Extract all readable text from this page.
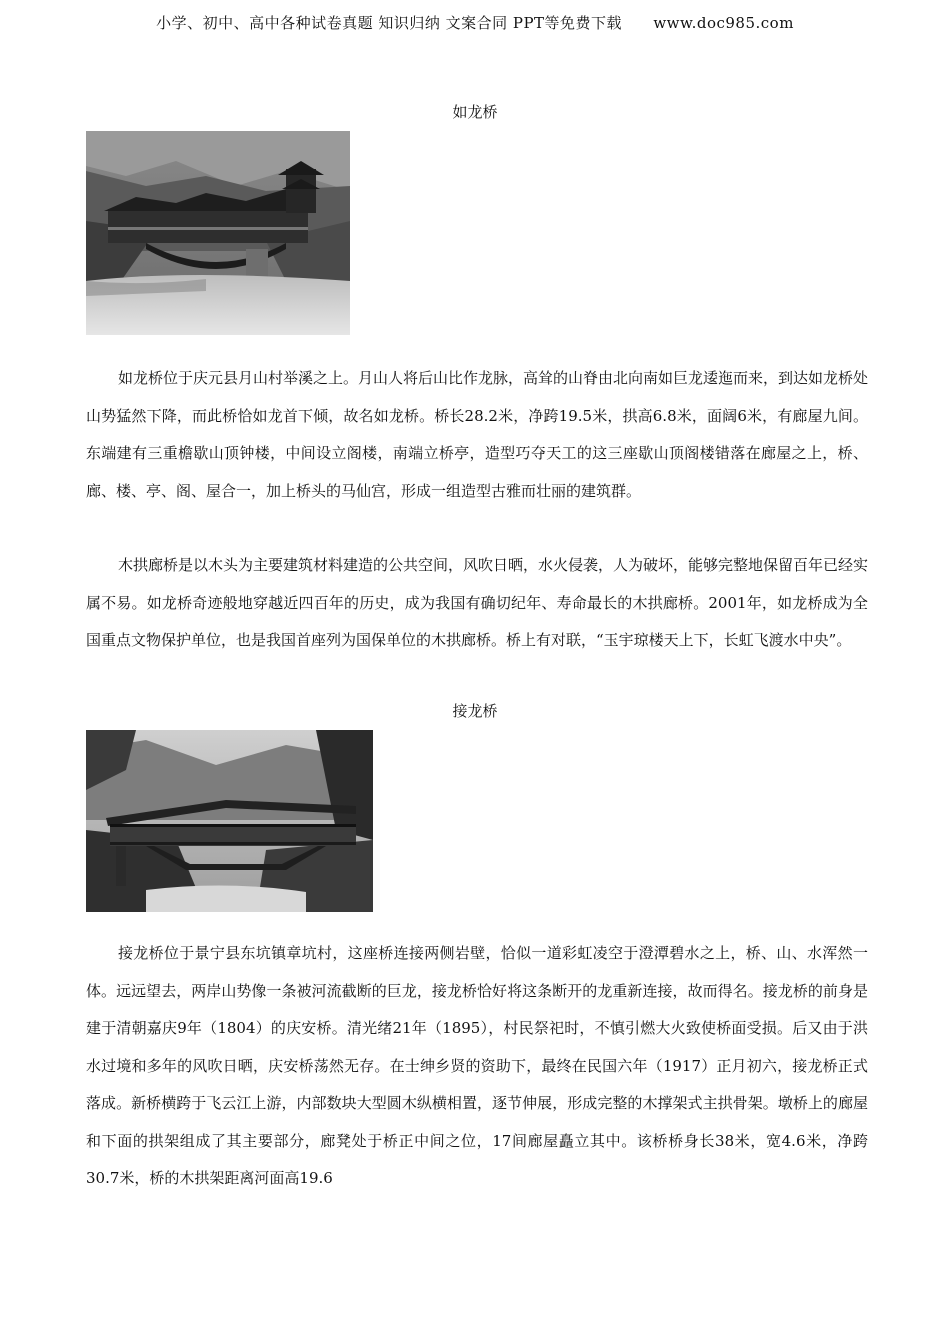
小学、初中、高中各种试卷真题 知识归纳 文案合同 PPT等免费下载 www.doc985.com
如龙桥

如龙桥位于庆元县月山村举溪之上。月山人将后山比作龙脉，高耸的山脊由北向南如巨龙逶迤而来，到达如龙桥处山势猛然下降，而此桥恰如龙首下倾，故名如龙桥。桥长28.2米，净跨19.5米，拱高6.8米，面阔6米，有廊屋九间。东端建有三重檐歇山顶钟楼，中间设立阁楼，南端立桥亭，造型巧夺天工的这三座歇山顶阁楼错落在廊屋之上，桥、廊、楼、亭、阁、屋合一，加上桥头的马仙宫，形成一组造型古雅而壮丽的建筑群。

木拱廊桥是以木头为主要建筑材料建造的公共空间，风吹日晒，水火侵袭，人为破坏，能够完整地保留百年已经实属不易。如龙桥奇迹般地穿越近四百年的历史，成为我国有确切纪年、寿命最长的木拱廊桥。2001年，如龙桥成为全国重点文物保护单位，也是我国首座列为国保单位的木拱廊桥。桥上有对联，“玉宇琼楼天上下，长虹飞渡水中央”。

接龙桥

接龙桥位于景宁县东坑镇章坑村，这座桥连接两侧岩壁，恰似一道彩虹凌空于澄潭碧水之上，桥、山、水浑然一体。远远望去，两岸山势像一条被河流截断的巨龙，接龙桥恰好将这条断开的龙重新连接，故而得名。接龙桥的前身是建于清朝嘉庆9年（1804）的庆安桥。清光绪21年（1895），村民祭祀时，不慎引燃大火致使桥面受损。后又由于洪水过境和多年的风吹日晒，庆安桥荡然无存。在士绅乡贤的资助下，最终在民国六年（1917）正月初六，接龙桥正式落成。新桥横跨于飞云江上游，内部数块大型圆木纵横相置，逐节伸展，形成完整的木撑架式主拱骨架。墩桥上的廊屋和下面的拱架组成了其主要部分，廊凳处于桥正中间之位，17间廊屋矗立其中。该桥桥身长38米，宽4.6米，净跨30.7米，桥的木拱架距离河面高19.6
